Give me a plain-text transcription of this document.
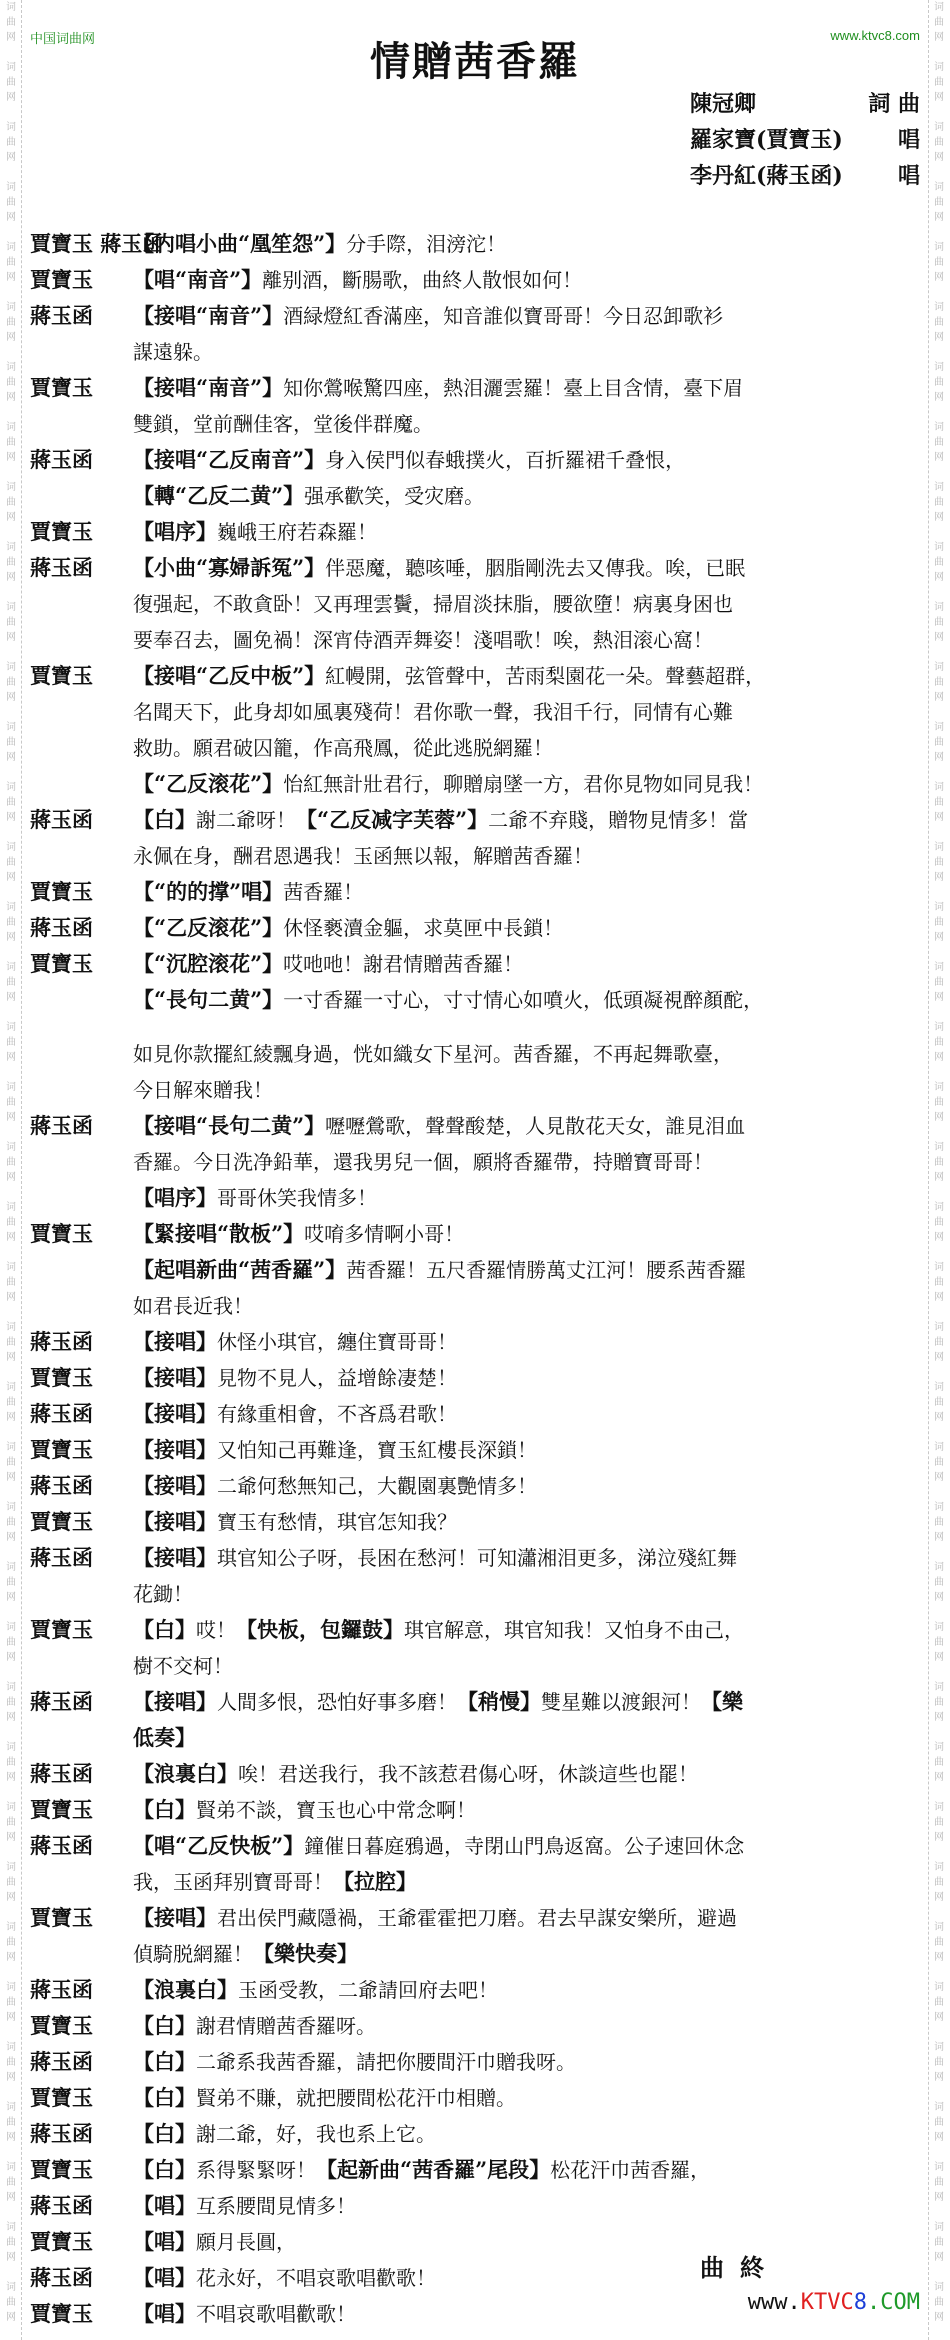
词
曲
网
词
曲
网
词
曲
网
词
曲
网
词
曲
网
词
曲
网
词
曲
网
词
曲
网
词
曲
网
词
曲
网
词
曲
网
词
曲
网
词
曲
网
词
曲
网
词
曲
网
词
曲
网
词
曲
网
词
曲
网
词
曲
网
词
曲
网
词
曲
网
词
曲
网
词
曲
网
词
曲
网
词
曲
网
词
曲
网
词
曲
网
词
曲
网
词
曲
网
词
曲
网
词
曲
网
词
曲
网
词
曲
网
词
曲
网
词
曲
网
词
曲
网
词
曲
网
词
曲
网
词
曲
网
词
曲
网
词
曲
网
词
曲
网
词
曲
网
词
曲
网
词
曲
网
词
曲
网
词
曲
网
词
曲
网
词
曲
网
词
曲
网
词
曲
网
词
曲
网
词
曲
网
词
曲
网
词
曲
网
词
曲
网
词
曲
网
词
曲
网
词
曲
网
词
曲
网
词
曲
网
词
曲
网
词
曲
网
词
曲
网
词
曲
网
词
曲
网
词
曲
网
词
曲
网
词
曲
网
词
曲
网
词
曲
网
词
曲
网
词
曲
网
词
曲
网
词
曲
网
词
曲
网
词
曲
网
词
曲
网
中国词曲网	www.ktvc8.com
情贈茜香羅
陳冠卿	詞 曲
羅家寶(賈寶玉)	唱
李丹紅(蔣玉函)	唱
賈寶玉 蔣玉函
【内唱小曲“凰笙怨”】分手際，泪滂沱！
賈寶玉	【唱“南音”】離别酒，斷腸歌，曲終人散恨如何！
蔣玉函	【接唱“南音”】酒緑燈紅香滿座，知音誰似寶哥哥！今日忍卸歌衫
謀遠躲。
賈寶玉	【接唱“南音”】知你鶯喉驚四座，熱泪灑雲羅！臺上目含情，臺下眉
雙鎖，堂前酬佳客，堂後伴群魔。
蔣玉函	【接唱“乙反南音”】身入侯門似春蛾撲火，百折羅裙千叠恨，
【轉“乙反二黄”】强承歡笑，受灾磨。
賈寶玉	【唱序】巍峨王府若森羅！
蔣玉函	【小曲“寡婦訴冤”】伴惡魔，聽咳唾，胭脂剛洗去又傳我。唉，已眠
復强起，不敢貪卧！又再理雲鬢，掃眉淡抹脂，腰欲墮！病裏身困也
要奉召去，圖免禍！深宵侍酒弄舞姿！淺唱歌！唉，熱泪滚心窩！
賈寶玉	【接唱“乙反中板”】紅幔開，弦管聲中，苦雨梨園花一朵。聲藝超群，
名聞天下，此身却如風裏殘荷！君你歌一聲，我泪千行，同情有心難
救助。願君破囚籠，作高飛鳳，從此逃脱網羅！
【“乙反滚花”】怡紅無計壯君行，聊贈扇墜一方，君你見物如同見我！
蔣玉函	【白】謝二爺呀！【“乙反减字芙蓉”】二爺不弃賤，贈物見情多！當
永佩在身，酬君恩遇我！玉函無以報，解贈茜香羅！
賈寶玉	【“的的撑”唱】茜香羅！
蔣玉函	【“乙反滚花”】休怪褻瀆金軀，求莫匣中長鎖！
賈寶玉	【“沉腔滚花”】哎吔吔！謝君情贈茜香羅！
【“長句二黄”】一寸香羅一寸心，寸寸情心如噴火，低頭凝視醉顏酡，
如見你款擺紅綾飄身過，恍如織女下星河。茜香羅，不再起舞歌臺，
今日解來贈我！
蔣玉函	【接唱“長句二黄”】嚦嚦鶯歌，聲聲酸楚，人見散花天女，誰見泪血
香羅。今日洗净鉛華，還我男兒一個，願將香羅帶，持贈寶哥哥！
【唱序】哥哥休笑我情多！
賈寶玉	【緊接唱“散板”】哎唷多情啊小哥！
【起唱新曲“茜香羅”】茜香羅！五尺香羅情勝萬丈江河！腰系茜香羅
如君長近我！
蔣玉函	【接唱】休怪小琪官，纏住寶哥哥！
賈寶玉	【接唱】見物不見人，益增餘凄楚！
蔣玉函	【接唱】有緣重相會，不吝爲君歌！
賈寶玉	【接唱】又怕知己再難逢，寶玉紅樓長深鎖！
蔣玉函	【接唱】二爺何愁無知己，大觀園裏艷情多！
賈寶玉	【接唱】寶玉有愁情，琪官怎知我？
蔣玉函	【接唱】琪官知公子呀，長困在愁河！可知瀟湘泪更多，涕泣殘紅舞
花鋤！
賈寶玉	【白】哎！【快板，包鑼鼓】琪官解意，琪官知我！又怕身不由己，
樹不交柯！
蔣玉函	【接唱】人間多恨，恐怕好事多磨！【稍慢】雙星難以渡銀河！【樂
低奏】
蔣玉函	【浪裏白】唉！君送我行，我不該惹君傷心呀，休談這些也罷！
賈寶玉	【白】賢弟不談，寶玉也心中常念啊！
蔣玉函	【唱“乙反快板”】鐘催日暮庭鴉過，寺閉山門鳥返窩。公子速回休念
我，玉函拜别寶哥哥！【拉腔】
賈寶玉	【接唱】君出侯門藏隱禍，王爺霍霍把刀磨。君去早謀安樂所，避過
偵騎脱網羅！【樂快奏】
蔣玉函	【浪裏白】玉函受教，二爺請回府去吧！
賈寶玉	【白】謝君情贈茜香羅呀。
蔣玉函	【白】二爺系我茜香羅，請把你腰間汗巾贈我呀。
賈寶玉	【白】賢弟不賺，就把腰間松花汗巾相贈。
蔣玉函	【白】謝二爺，好，我也系上它。
賈寶玉	【白】系得緊緊呀！【起新曲“茜香羅”尾段】松花汗巾茜香羅，
蔣玉函	【唱】互系腰間見情多！
賈寶玉	【唱】願月長圓，
蔣玉函	【唱】花永好，不唱哀歌唱歡歌！
賈寶玉	【唱】不唱哀歌唱歡歌！
曲終
www.KTVC8.COM
